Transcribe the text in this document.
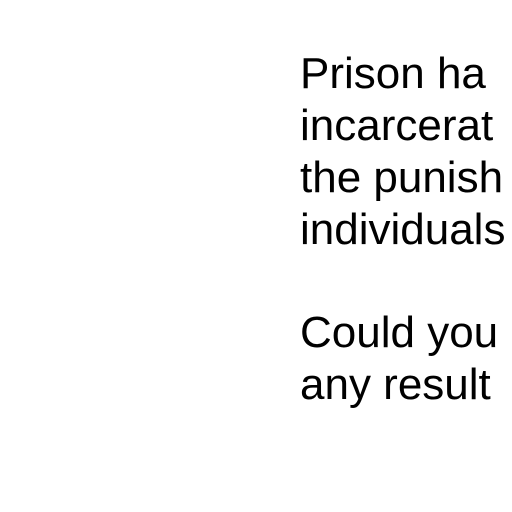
Prison ha
incarcerat
the punish
individuals

Could you
any result
